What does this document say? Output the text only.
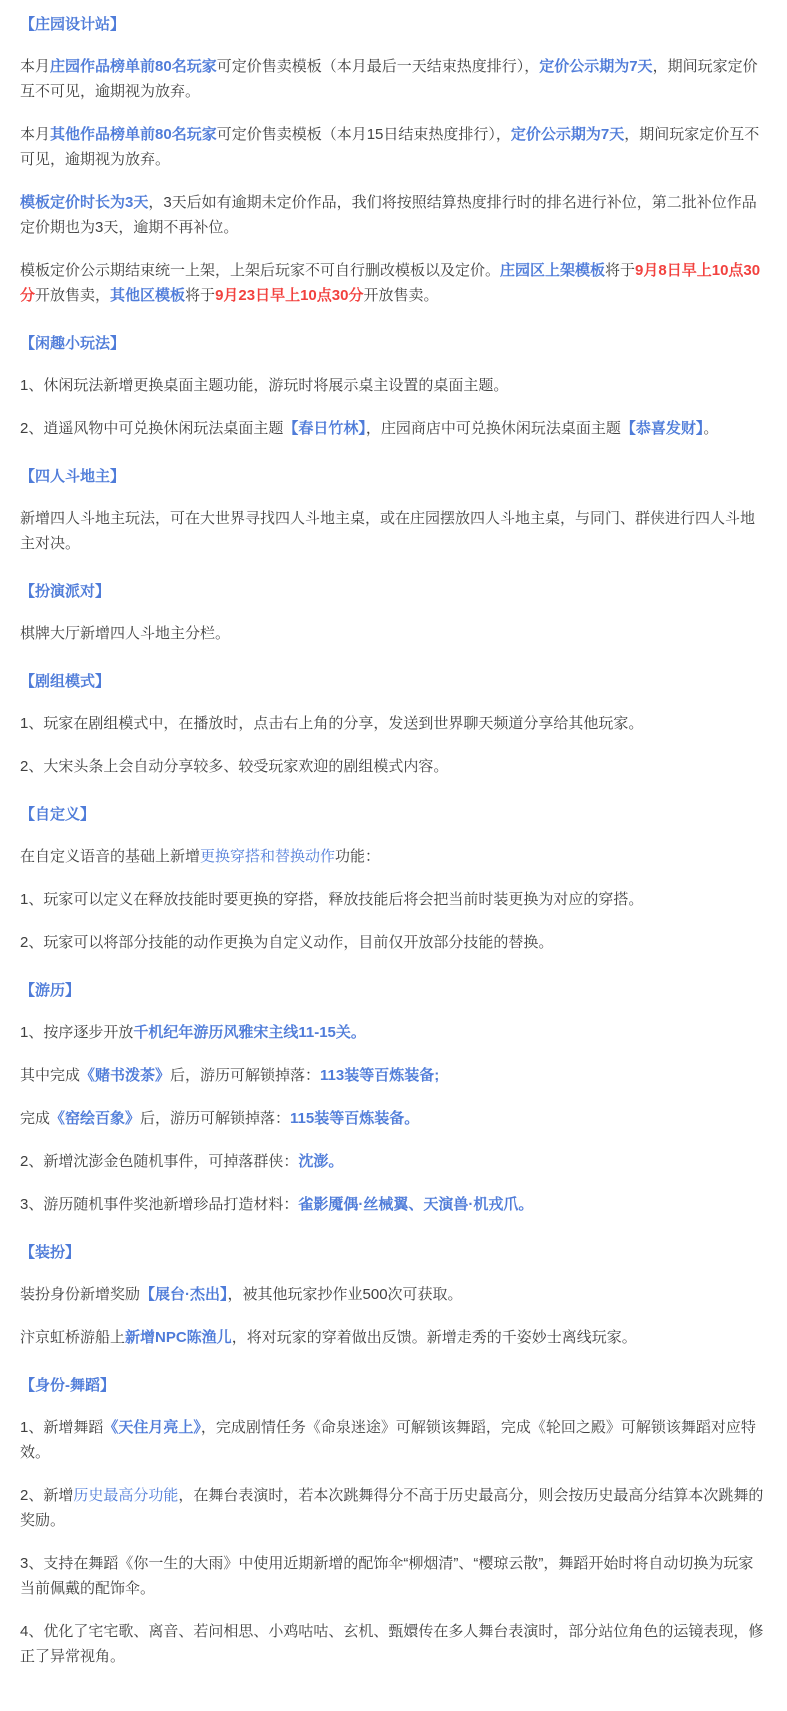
【庄园设计站】

本月庄园作品榜单前80名玩家可定价售卖模板（本月最后一天结束热度排行），定价公示期为7天，期间玩家定价互不可见，逾期视为放弃。

本月其他作品榜单前80名玩家可定价售卖模板（本月15日结束热度排行），定价公示期为7天，期间玩家定价互不可见，逾期视为放弃。

模板定价时长为3天，3天后如有逾期未定价作品，我们将按照结算热度排行时的排名进行补位，第二批补位作品定价期也为3天，逾期不再补位。

模板定价公示期结束统一上架，上架后玩家不可自行删改模板以及定价。庄园区上架模板将于9月8日早上10点30分开放售卖，其他区模板将于9月23日早上10点30分开放售卖。

【闲趣小玩法】

1、休闲玩法新增更换桌面主题功能，游玩时将展示桌主设置的桌面主题。

2、逍遥风物中可兑换休闲玩法桌面主题【春日竹林】，庄园商店中可兑换休闲玩法桌面主题【恭喜发财】。

【四人斗地主】

新增四人斗地主玩法，可在大世界寻找四人斗地主桌，或在庄园摆放四人斗地主桌，与同门、群侠进行四人斗地主对决。

【扮演派对】

棋牌大厅新增四人斗地主分栏。

【剧组模式】

1、玩家在剧组模式中，在播放时，点击右上角的分享，发送到世界聊天频道分享给其他玩家。

2、大宋头条上会自动分享较多、较受玩家欢迎的剧组模式内容。

【自定义】

在自定义语音的基础上新增更换穿搭和替换动作功能：

1、玩家可以定义在释放技能时要更换的穿搭，释放技能后将会把当前时装更换为对应的穿搭。

2、玩家可以将部分技能的动作更换为自定义动作，目前仅开放部分技能的替换。

【游历】

1、按序逐步开放千机纪年游历风雅宋主线11-15关。

其中完成《赌书泼茶》后，游历可解锁掉落：113装等百炼装备;

完成《窑绘百象》后，游历可解锁掉落：115装等百炼装备。

2、新增沈澎金色随机事件，可掉落群侠：沈澎。

3、游历随机事件奖池新增珍品打造材料：雀影魇偶·丝械翼、天演兽·机戎爪。

【装扮】

装扮身份新增奖励【展台·杰出】，被其他玩家抄作业500次可获取。

汴京虹桥游船上新增NPC陈渔儿，将对玩家的穿着做出反馈。新增走秀的千姿妙士离线玩家。

【身份-舞蹈】

1、新增舞蹈《天住月亮上》，完成剧情任务《命泉迷途》可解锁该舞蹈，完成《轮回之殿》可解锁该舞蹈对应特效。

2、新增历史最高分功能，在舞台表演时，若本次跳舞得分不高于历史最高分，则会按历史最高分结算本次跳舞的奖励。

3、支持在舞蹈《你一生的大雨》中使用近期新增的配饰伞“柳烟清”、“樱琼云散”，舞蹈开始时将自动切换为玩家当前佩戴的配饰伞。

4、优化了宅宅歌、离音、若问相思、小鸡咕咕、玄机、甄嬛传在多人舞台表演时，部分站位角色的运镜表现，修正了异常视角。
